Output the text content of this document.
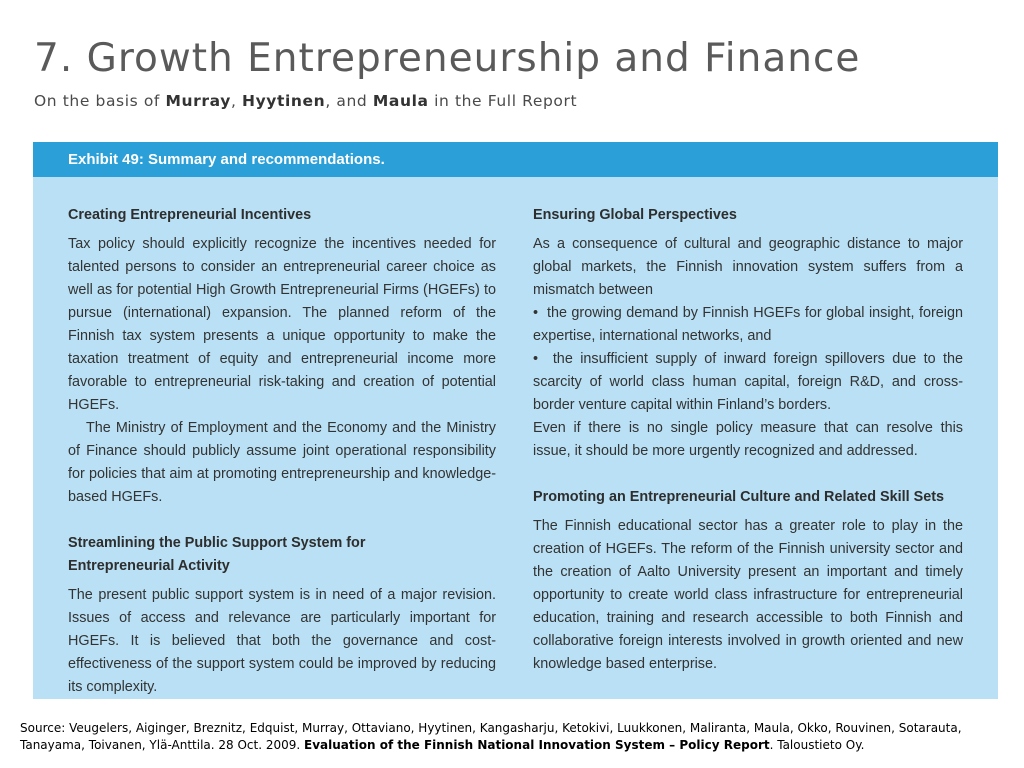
7. Growth Entrepreneurship and Finance
On the basis of Murray, Hyytinen, and Maula in the Full Report
Exhibit 49: Summary and recommendations.
Creating Entrepreneurial Incentives

Tax policy should explicitly recognize the incentives needed for talented persons to consider an entrepreneurial career choice as well as for potential High Growth Entrepreneurial Firms (HGEFs) to pursue (international) expansion. The planned reform of the Finnish tax system presents a unique opportunity to make the taxation treatment of equity and entrepreneurial income more favorable to entrepreneurial risk-taking and creation of potential HGEFs.

The Ministry of Employment and the Economy and the Ministry of Finance should publicly assume joint operational responsibility for policies that aim at promoting entrepreneurship and knowledge-based HGEFs.

Streamlining the Public Support System for
Entrepreneurial Activity

The present public support system is in need of a major revision. Issues of access and relevance are particularly important for HGEFs. It is believed that both the governance and cost-effectiveness of the support system could be improved by reducing its complexity.

Ensuring Global Perspectives

As a consequence of cultural and geographic distance to major global markets, the Finnish innovation system suffers from a mismatch between

•  the growing demand by Finnish HGEFs for global insight, foreign expertise, international networks, and

•  the insufficient supply of inward foreign spillovers due to the scarcity of world class human capital, foreign R&D, and cross-border venture capital within Finland’s borders.

Even if there is no single policy measure that can resolve this issue, it should be more urgently recognized and addressed.

Promoting an Entrepreneurial Culture and Related Skill Sets

The Finnish educational sector has a greater role to play in the creation of HGEFs. The reform of the Finnish university sector and the creation of Aalto University present an important and timely opportunity to create world class infrastructure for entrepreneurial education, training and research accessible to both Finnish and collaborative foreign interests involved in growth oriented and new knowledge based enterprise.

Source: Veugelers, Aiginger, Breznitz, Edquist, Murray, Ottaviano, Hyytinen, Kangasharju, Ketokivi, Luukkonen, Maliranta, Maula, Okko, Rouvinen, Sotarauta, Tanayama, Toivanen, Ylä-Anttila. 28 Oct. 2009. Evaluation of the Finnish National Innovation System – Policy Report. Taloustieto Oy.
